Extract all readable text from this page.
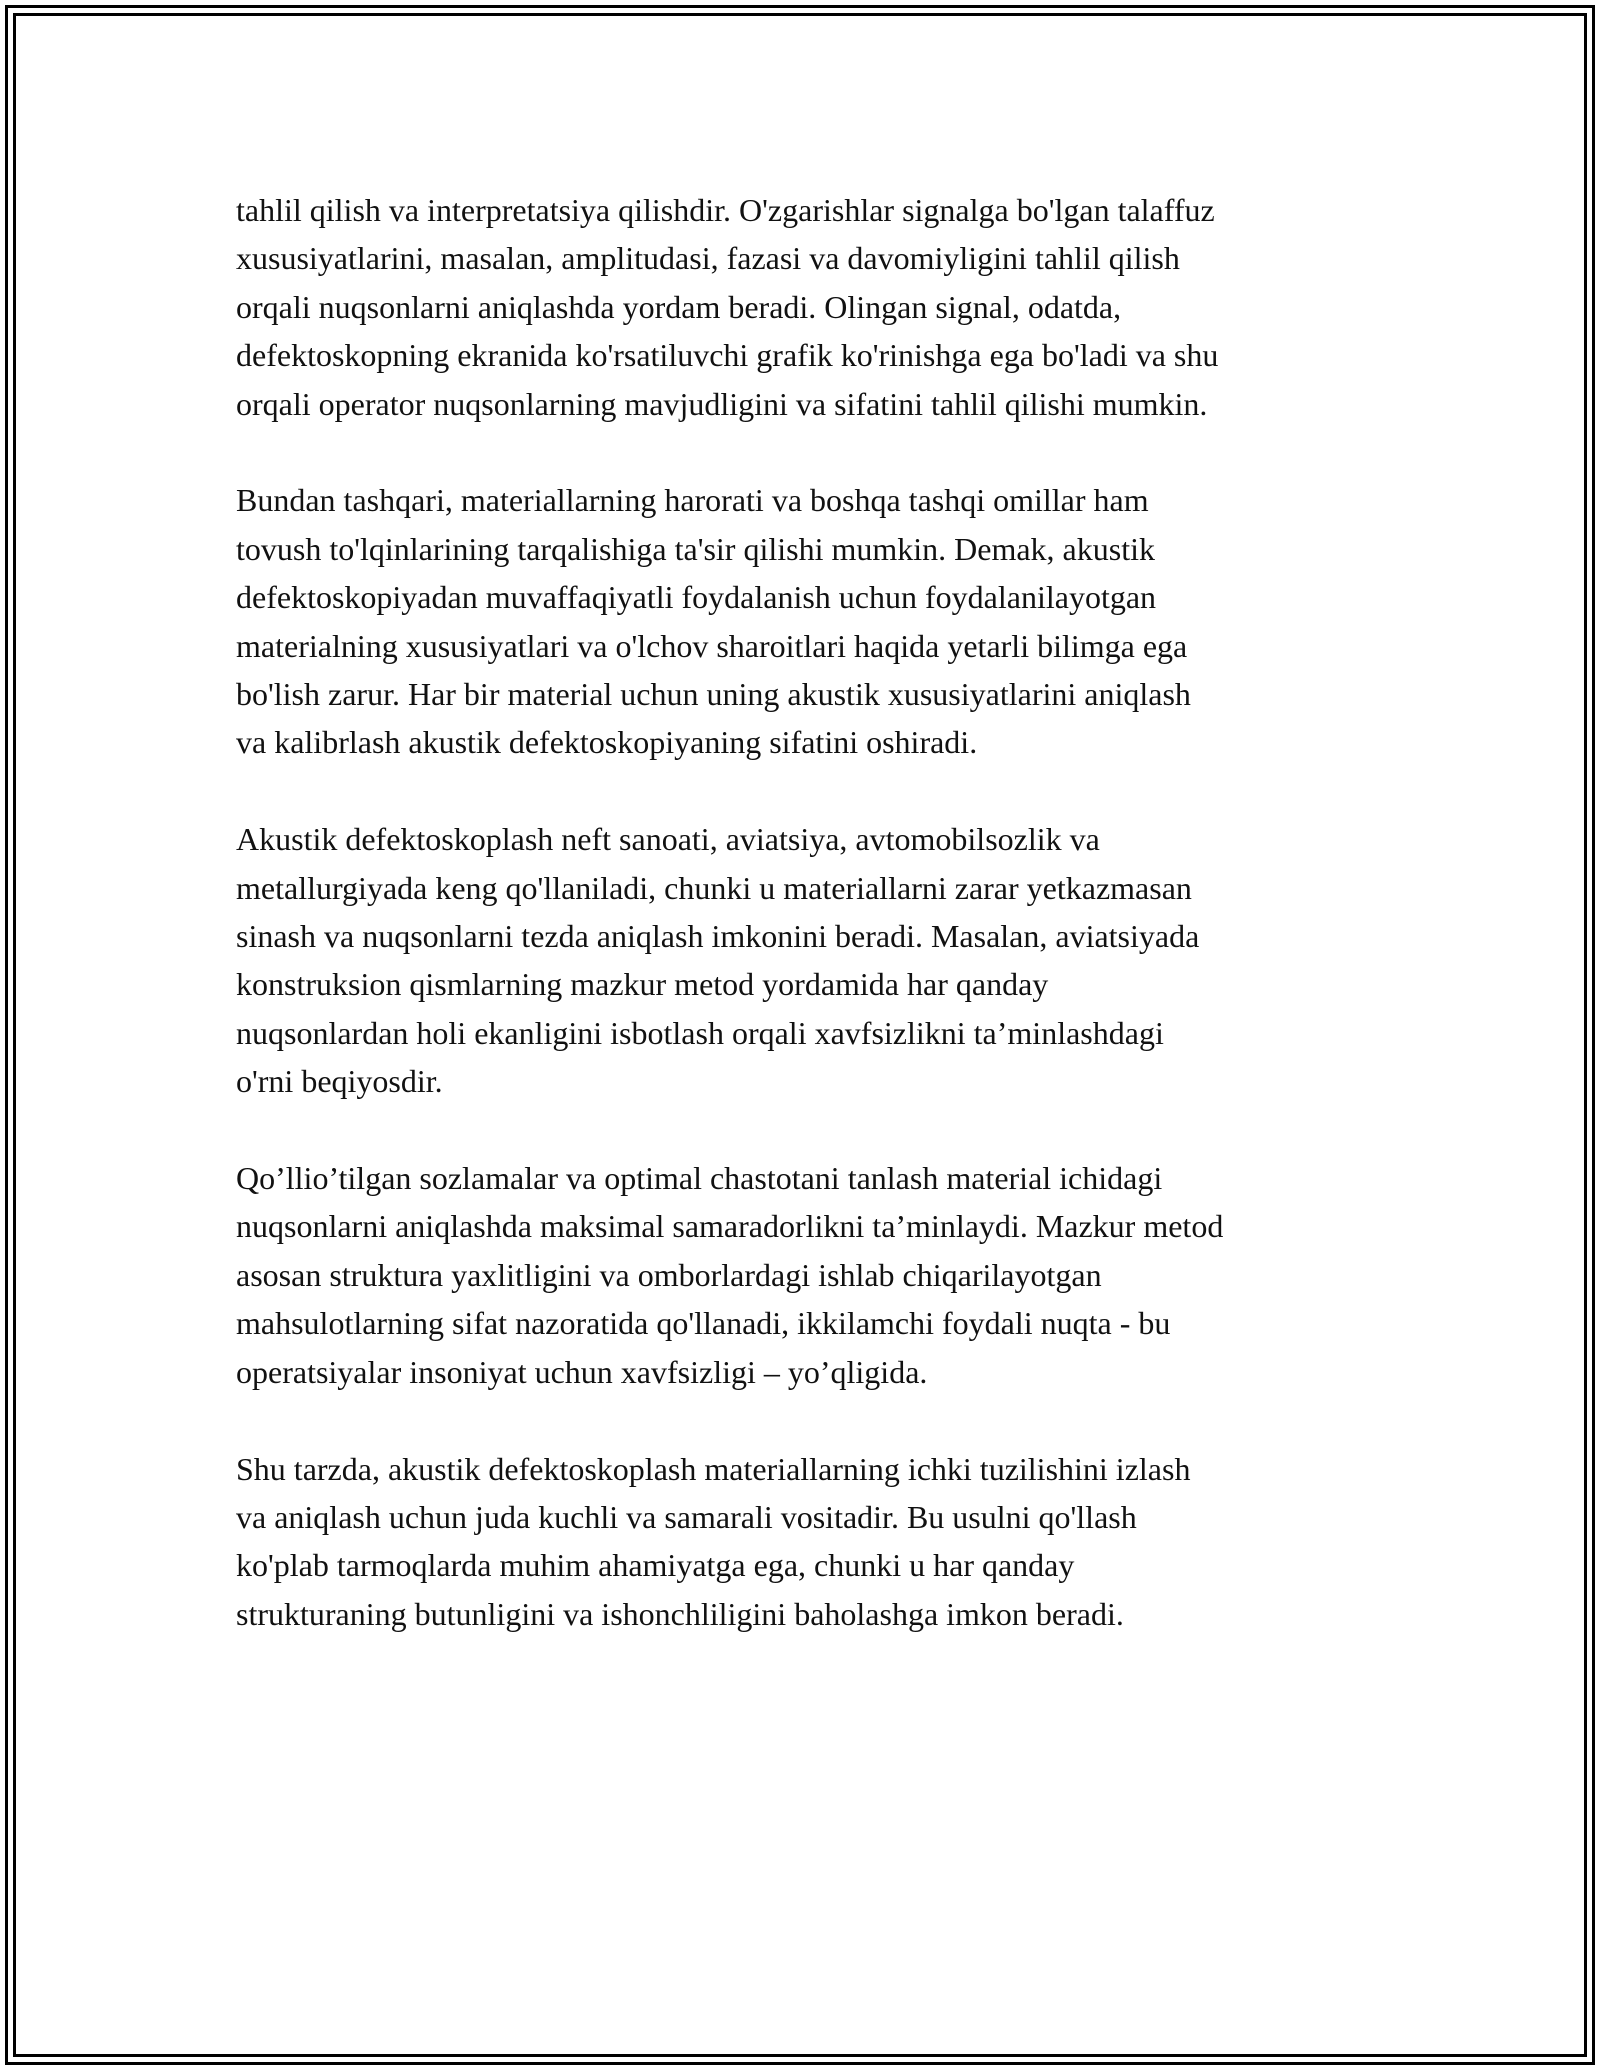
tahlil qilish va interpretatsiya qilishdir. O'zgarishlar signalga bo'lgan talaffuz
xususiyatlarini, masalan, amplitudasi, fazasi va davomiyligini tahlil qilish
orqali nuqsonlarni aniqlashda yordam beradi. Olingan signal, odatda,
defektoskopning ekranida ko'rsatiluvchi grafik ko'rinishga ega bo'ladi va shu
orqali operator nuqsonlarning mavjudligini va sifatini tahlil qilishi mumkin.

Bundan tashqari, materiallarning harorati va boshqa tashqi omillar ham
tovush to'lqinlarining tarqalishiga ta'sir qilishi mumkin. Demak, akustik
defektoskopiyadan muvaffaqiyatli foydalanish uchun foydalanilayotgan
materialning xususiyatlari va o'lchov sharoitlari haqida yetarli bilimga ega
bo'lish zarur. Har bir material uchun uning akustik xususiyatlarini aniqlash
va kalibrlash akustik defektoskopiyaning sifatini oshiradi.

Akustik defektoskoplash neft sanoati, aviatsiya, avtomobilsozlik va
metallurgiyada keng qo'llaniladi, chunki u materiallarni zarar yetkazmasan
sinash va nuqsonlarni tezda aniqlash imkonini beradi. Masalan, aviatsiyada
konstruksion qismlarning mazkur metod yordamida har qanday
nuqsonlardan holi ekanligini isbotlash orqali xavfsizlikni ta’minlashdagi
o'rni beqiyosdir.

Qo’llio’tilgan sozlamalar va optimal chastotani tanlash material ichidagi
nuqsonlarni aniqlashda maksimal samaradorlikni ta’minlaydi. Mazkur metod
asosan struktura yaxlitligini va omborlardagi ishlab chiqarilayotgan
mahsulotlarning sifat nazoratida qo'llanadi, ikkilamchi foydali nuqta - bu
operatsiyalar insoniyat uchun xavfsizligi – yo’qligida.

Shu tarzda, akustik defektoskoplash materiallarning ichki tuzilishini izlash
va aniqlash uchun juda kuchli va samarali vositadir. Bu usulni qo'llash
ko'plab tarmoqlarda muhim ahamiyatga ega, chunki u har qanday
strukturaning butunligini va ishonchliligini baholashga imkon beradi.
